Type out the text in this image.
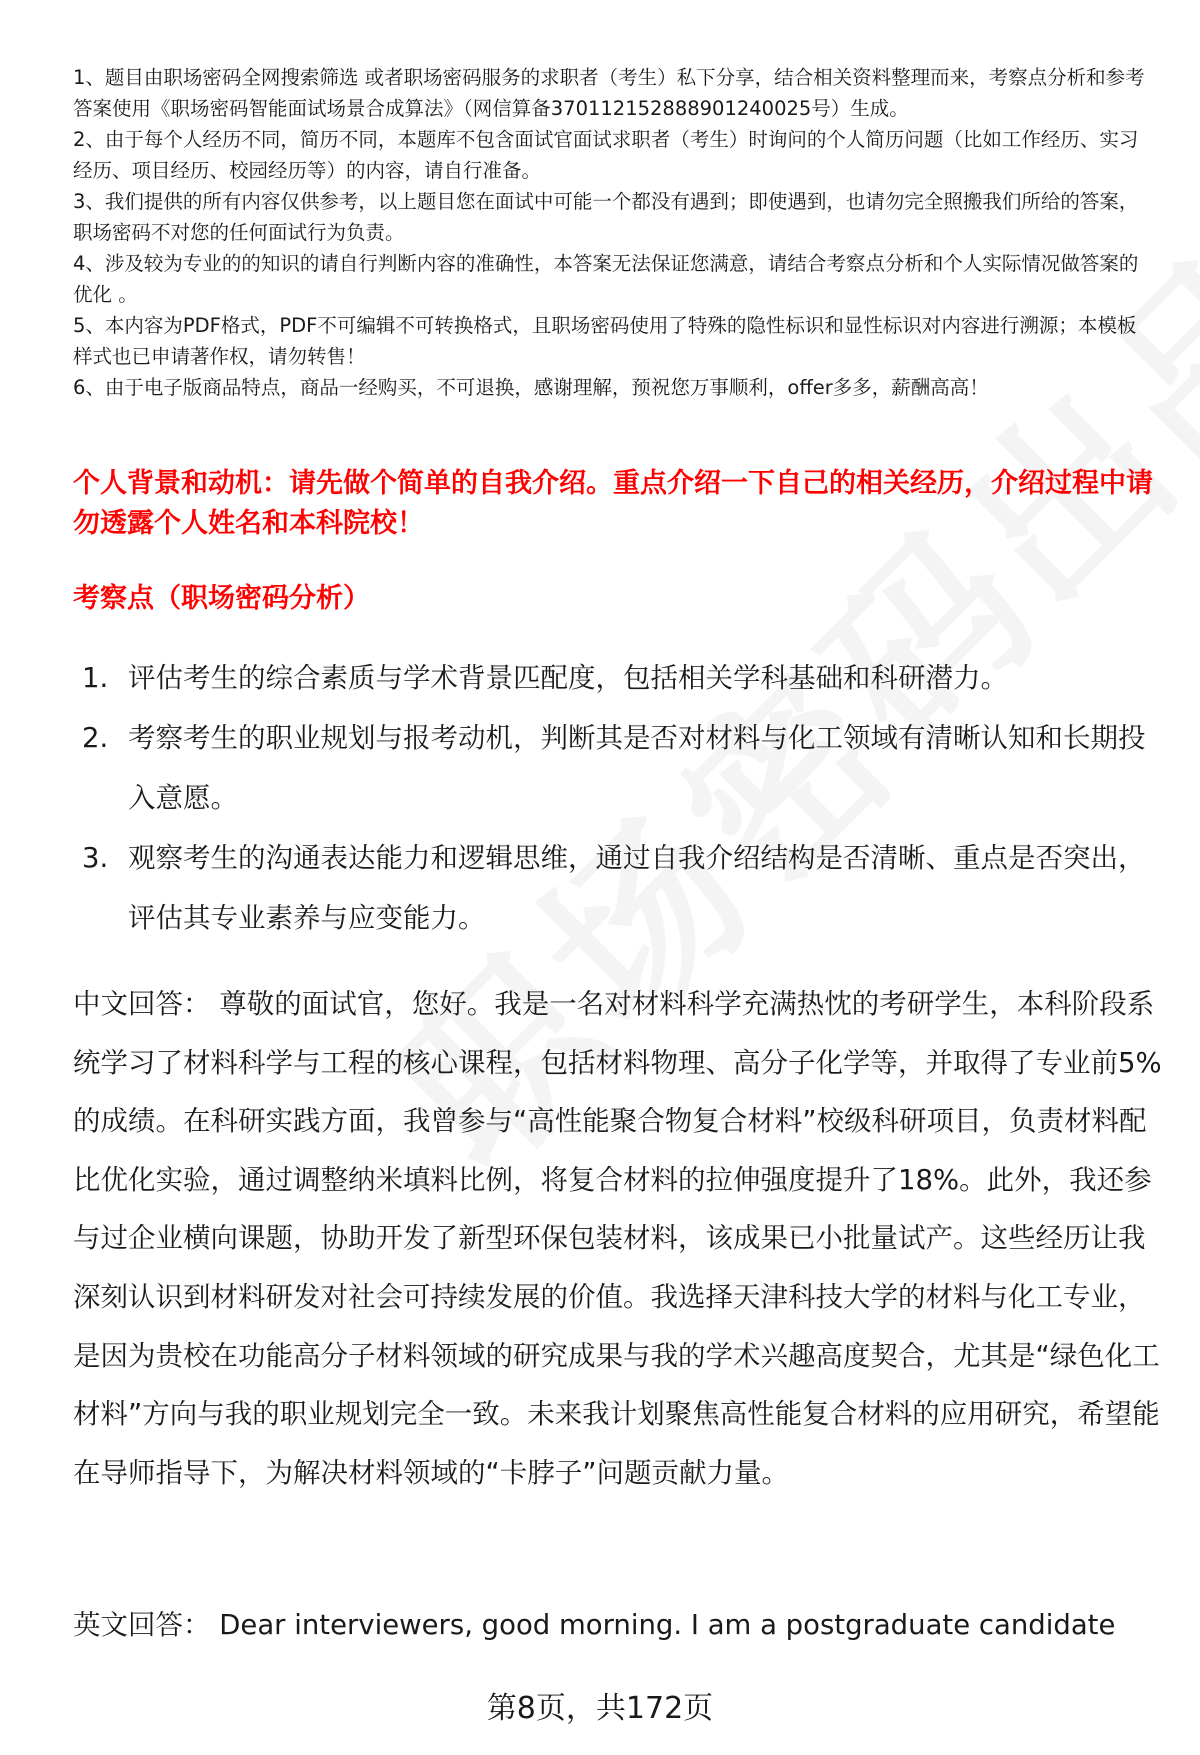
1、题目由职场密码全网搜索筛选 或者职场密码服务的求职者（考生）私下分享，结合相关资料整理而来，考察点分析和参考答案使用《职场密码智能面试场景合成算法》（网信算备370112152888901240025号）生成。

2、由于每个人经历不同，简历不同，本题库不包含面试官面试求职者（考生）时询问的个人简历问题（比如工作经历、实习经历、项目经历、校园经历等）的内容，请自行准备。

3、我们提供的所有内容仅供参考，以上题目您在面试中可能一个都没有遇到；即使遇到，也请勿完全照搬我们所给的答案，职场密码不对您的任何面试行为负责。

4、涉及较为专业的的知识的请自行判断内容的准确性，本答案无法保证您满意，请结合考察点分析和个人实际情况做答案的优化 。

5、本内容为PDF格式，PDF不可编辑不可转换格式，且职场密码使用了特殊的隐性标识和显性标识对内容进行溯源；本模板样式也已申请著作权，请勿转售！

6、由于电子版商品特点，商品一经购买，不可退换，感谢理解，预祝您万事顺利，offer多多，薪酬高高！

个人背景和动机：请先做个简单的自我介绍。重点介绍一下自己的相关经历，介绍过程中请勿透露个人姓名和本科院校！

考察点（职场密码分析）

1. 评估考生的综合素质与学术背景匹配度，包括相关学科基础和科研潜力。
2. 考察考生的职业规划与报考动机，判断其是否对材料与化工领域有清晰认知和长期投入意愿。
3. 观察考生的沟通表达能力和逻辑思维，通过自我介绍结构是否清晰、重点是否突出，评估其专业素养与应变能力。

中文回答： 尊敬的面试官，您好。我是一名对材料科学充满热忱的考研学生，本科阶段系统学习了材料科学与工程的核心课程，包括材料物理、高分子化学等，并取得了专业前5%的成绩。在科研实践方面，我曾参与“高性能聚合物复合材料”校级科研项目，负责材料配比优化实验，通过调整纳米填料比例，将复合材料的拉伸强度提升了18%。此外，我还参与过企业横向课题，协助开发了新型环保包装材料，该成果已小批量试产。这些经历让我深刻认识到材料研发对社会可持续发展的价值。我选择天津科技大学的材料与化工专业，是因为贵校在功能高分子材料领域的研究成果与我的学术兴趣高度契合，尤其是“绿色化工材料”方向与我的职业规划完全一致。未来我计划聚焦高性能复合材料的应用研究，希望能在导师指导下，为解决材料领域的“卡脖子”问题贡献力量。

英文回答： Dear interviewers, good morning. I am a postgraduate candidate

第8页，共172页
